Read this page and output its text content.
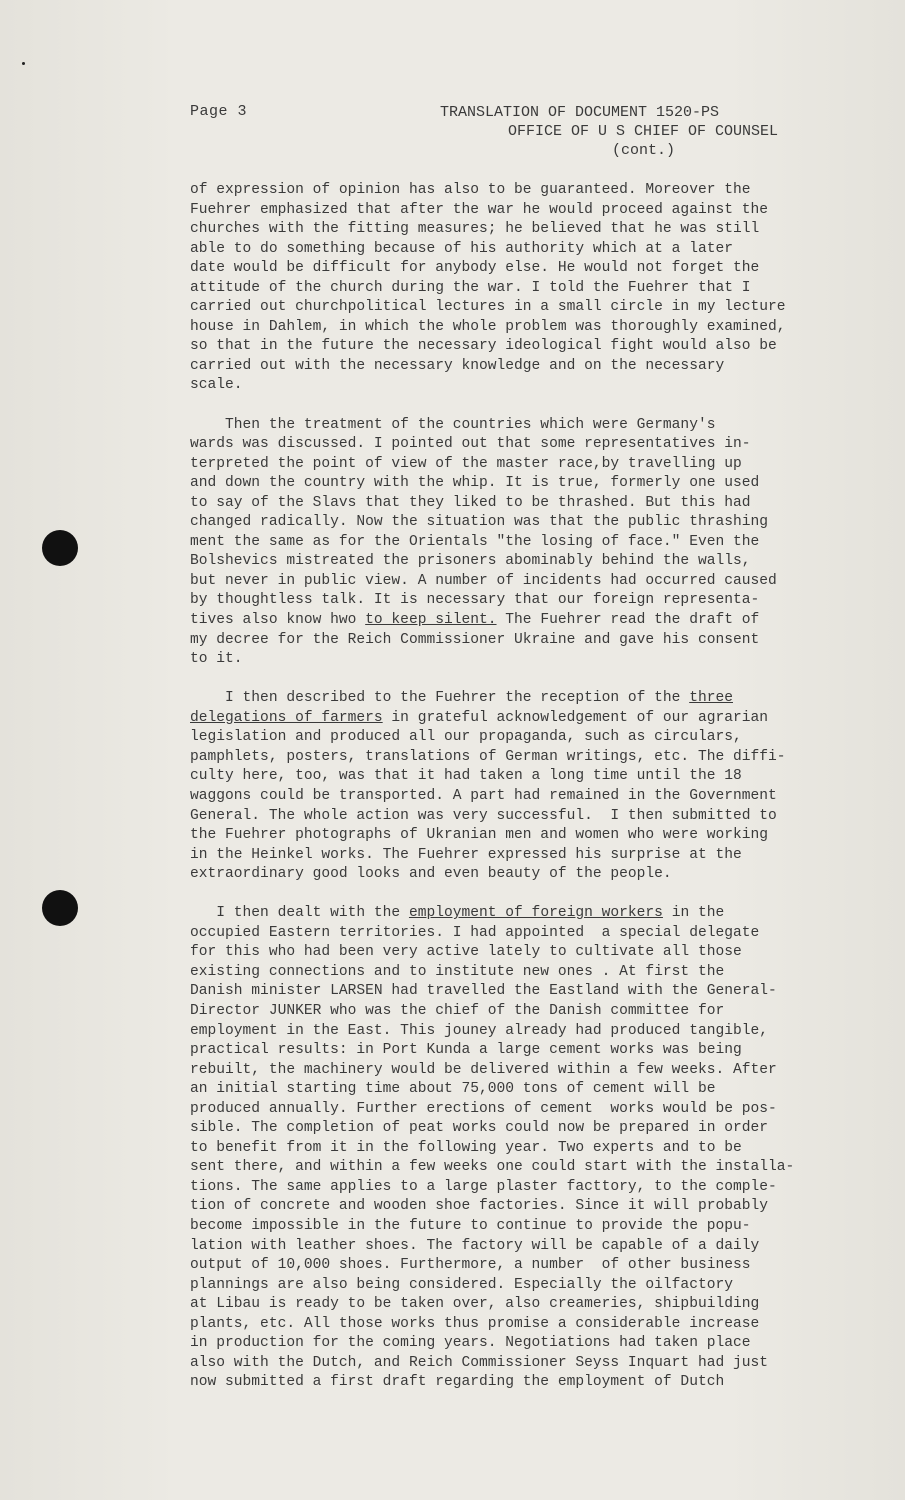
Page 3	TRANSLATION OF DOCUMENT 1520-PS
OFFICE OF U S CHIEF OF COUNSEL
(cont.)
of expression of opinion has also to be guaranteed. Moreover the
Fuehrer emphasized that after the war he would proceed against the
churches with the fitting measures; he believed that he was still
able to do something because of his authority which at a later
date would be difficult for anybody else. He would not forget the
attitude of the church during the war. I told the Fuehrer that I
carried out churchpolitical lectures in a small circle in my lecture
house in Dahlem, in which the whole problem was thoroughly examined,
so that in the future the necessary ideological fight would also be
carried out with the necessary knowledge and on the necessary
scale.
Then the treatment of the countries which were Germany's
wards was discussed. I pointed out that some representatives in-
terpreted the point of view of the master race,by travelling up
and down the country with the whip. It is true, formerly one used
to say of the Slavs that they liked to be thrashed. But this had
changed radically. Now the situation was that the public thrashing
ment the same as for the Orientals "the losing of face." Even the
Bolshevics mistreated the prisoners abominably behind the walls,
but never in public view. A number of incidents had occurred caused
by thoughtless talk. It is necessary that our foreign representa-
tives also know hwo to keep silent. The Fuehrer read the draft of
my decree for the Reich Commissioner Ukraine and gave his consent
to it.
I then described to the Fuehrer the reception of the three
delegations of farmers in grateful acknowledgement of our agrarian
legislation and produced all our propaganda, such as circulars,
pamphlets, posters, translations of German writings, etc. The diffi-
culty here, too, was that it had taken a long time until the 18
waggons could be transported. A part had remained in the Government
General. The whole action was very successful.  I then submitted to
the Fuehrer photographs of Ukranian men and women who were working
in the Heinkel works. The Fuehrer expressed his surprise at the
extraordinary good looks and even beauty of the people.
I then dealt with the employment of foreign workers in the
occupied Eastern territories. I had appointed  a special delegate
for this who had been very active lately to cultivate all those
existing connections and to institute new ones . At first the
Danish minister LARSEN had travelled the Eastland with the General-
Director JUNKER who was the chief of the Danish committee for
employment in the East. This jouney already had produced tangible,
practical results: in Port Kunda a large cement works was being
rebuilt, the machinery would be delivered within a few weeks. After
an initial starting time about 75,000 tons of cement will be
produced annually. Further erections of cement  works would be pos-
sible. The completion of peat works could now be prepared in order
to benefit from it in the following year. Two experts and to be
sent there, and within a few weeks one could start with the installa-
tions. The same applies to a large plaster facttory, to the comple-
tion of concrete and wooden shoe factories. Since it will probably
become impossible in the future to continue to provide the popu-
lation with leather shoes. The factory will be capable of a daily
output of 10,000 shoes. Furthermore, a number  of other business
plannings are also being considered. Especially the oilfactory
at Libau is ready to be taken over, also creameries, shipbuilding
plants, etc. All those works thus promise a considerable increase
in production for the coming years. Negotiations had taken place
also with the Dutch, and Reich Commissioner Seyss Inquart had just
now submitted a first draft regarding the employment of Dutch
